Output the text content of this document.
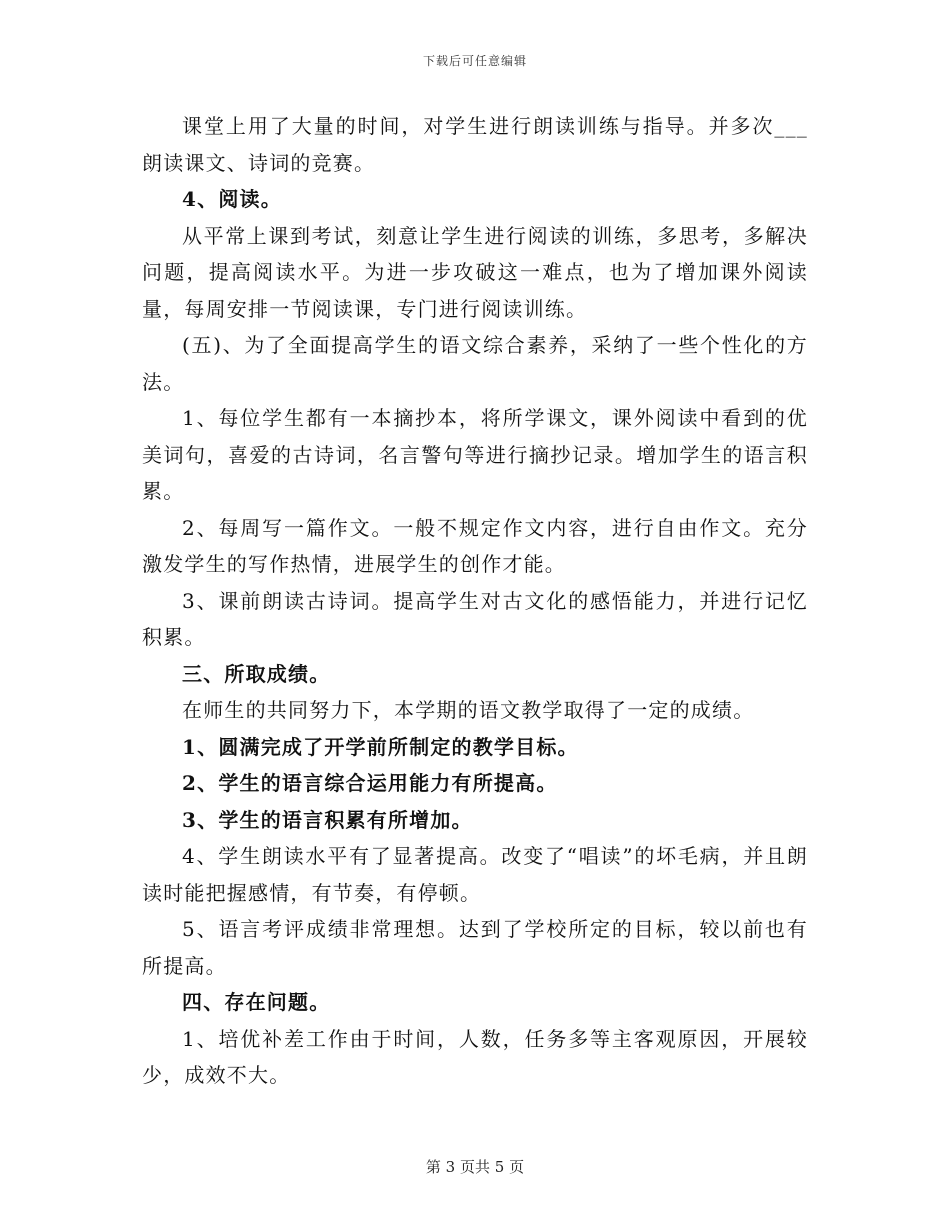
下载后可任意编辑

课堂上用了大量的时间，对学生进行朗读训练与指导。并多次___朗读课文、诗词的竞赛。

4、阅读。

从平常上课到考试，刻意让学生进行阅读的训练，多思考，多解决问题，提高阅读水平。为进一步攻破这一难点，也为了增加课外阅读量，每周安排一节阅读课，专门进行阅读训练。

(五)、为了全面提高学生的语文综合素养，采纳了一些个性化的方法。

1、每位学生都有一本摘抄本，将所学课文，课外阅读中看到的优美词句，喜爱的古诗词，名言警句等进行摘抄记录。增加学生的语言积累。

2、每周写一篇作文。一般不规定作文内容，进行自由作文。充分激发学生的写作热情，进展学生的创作才能。

3、课前朗读古诗词。提高学生对古文化的感悟能力，并进行记忆积累。

三、所取成绩。

在师生的共同努力下，本学期的语文教学取得了一定的成绩。

1、圆满完成了开学前所制定的教学目标。

2、学生的语言综合运用能力有所提高。

3、学生的语言积累有所增加。

4、学生朗读水平有了显著提高。改变了“唱读”的坏毛病，并且朗读时能把握感情，有节奏，有停顿。

5、语言考评成绩非常理想。达到了学校所定的目标，较以前也有所提高。

四、存在问题。

1、培优补差工作由于时间，人数，任务多等主客观原因，开展较少，成效不大。

第 3 页共 5 页
